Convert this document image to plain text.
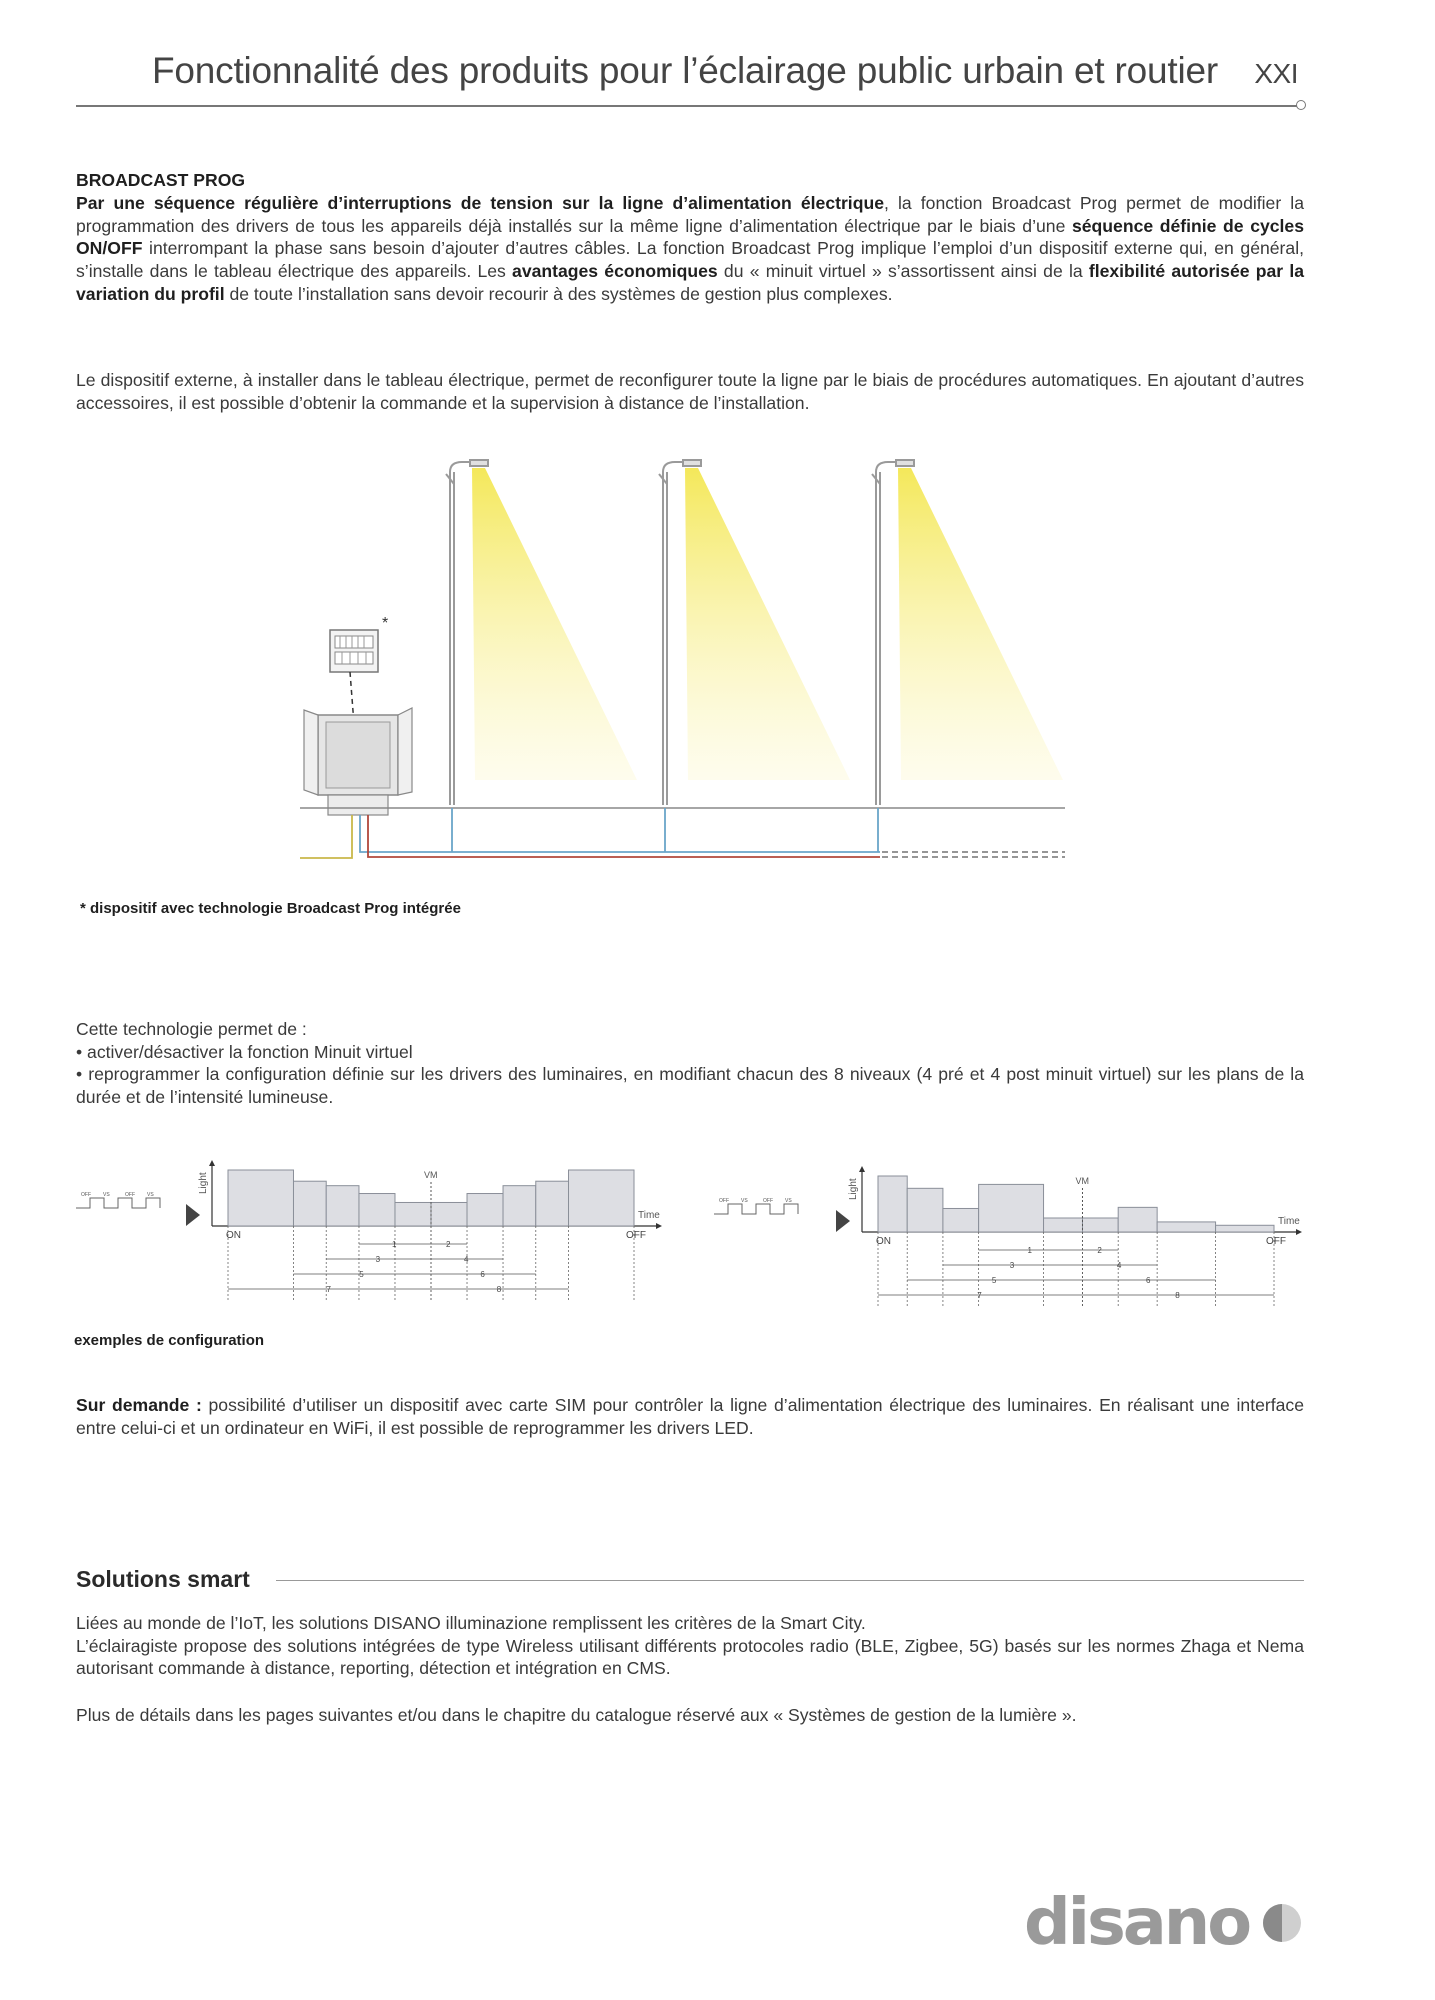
Fonctionnalité des produits pour l’éclairage public urbain et routier XXI
BROADCAST PROG
Par une séquence régulière d’interruptions de tension sur la ligne d’alimentation électrique, la fonction Broadcast Prog permet de modifier la programmation des drivers de tous les appareils déjà installés sur la même ligne d’alimentation électrique par le biais d’une séquence définie de cycles ON/OFF interrompant la phase sans besoin d’ajouter d’autres câbles. La fonction Broadcast Prog implique l’emploi d’un dispositif externe qui, en général, s’installe dans le tableau électrique des appareils. Les avantages économiques du « minuit virtuel » s’assortissent ainsi de la flexibilité autorisée par la variation du profil de toute l’installation sans devoir recourir à des systèmes de gestion plus complexes.
Le dispositif externe, à installer dans le tableau électrique, permet de reconfigurer toute la ligne par le biais de procédures automatiques. En ajoutant d’autres accessoires, il est possible d’obtenir la commande et la supervision à distance de l’installation.
*
* dispositif avec technologie Broadcast Prog intégrée
Cette technologie permet de :
• activer/désactiver la fonction Minuit virtuel
• reprogrammer la configuration définie sur les drivers des luminaires, en modifiant chacun des 8 niveaux (4 pré et 4 post minuit virtuel) sur les plans de la durée et de l’intensité lumineuse.
OFF VS	OFF VS
Light
Time
VM
ON	OFF
1	2
3	4
5	6
7	8
OFF VS	OFF VS
Light
Time
VM
ON	OFF
1	2
3	4
5	6
7	8
exemples de configuration
Sur demande : possibilité d’utiliser un dispositif avec carte SIM pour contrôler la ligne d’alimentation électrique des luminaires. En réalisant une interface entre celui-ci et un ordinateur en WiFi, il est possible de reprogrammer les drivers LED.
Solutions smart
Liées au monde de l’IoT, les solutions DISANO illuminazione remplissent les critères de la Smart City.
L’éclairagiste propose des solutions intégrées de type Wireless utilisant différents protocoles radio (BLE, Zigbee, 5G) basés sur les normes Zhaga et Nema autorisant commande à distance, reporting, détection et intégration en CMS.
Plus de détails dans les pages suivantes et/ou dans le chapitre du catalogue réservé aux « Systèmes de gestion de la lumière ».
disano
